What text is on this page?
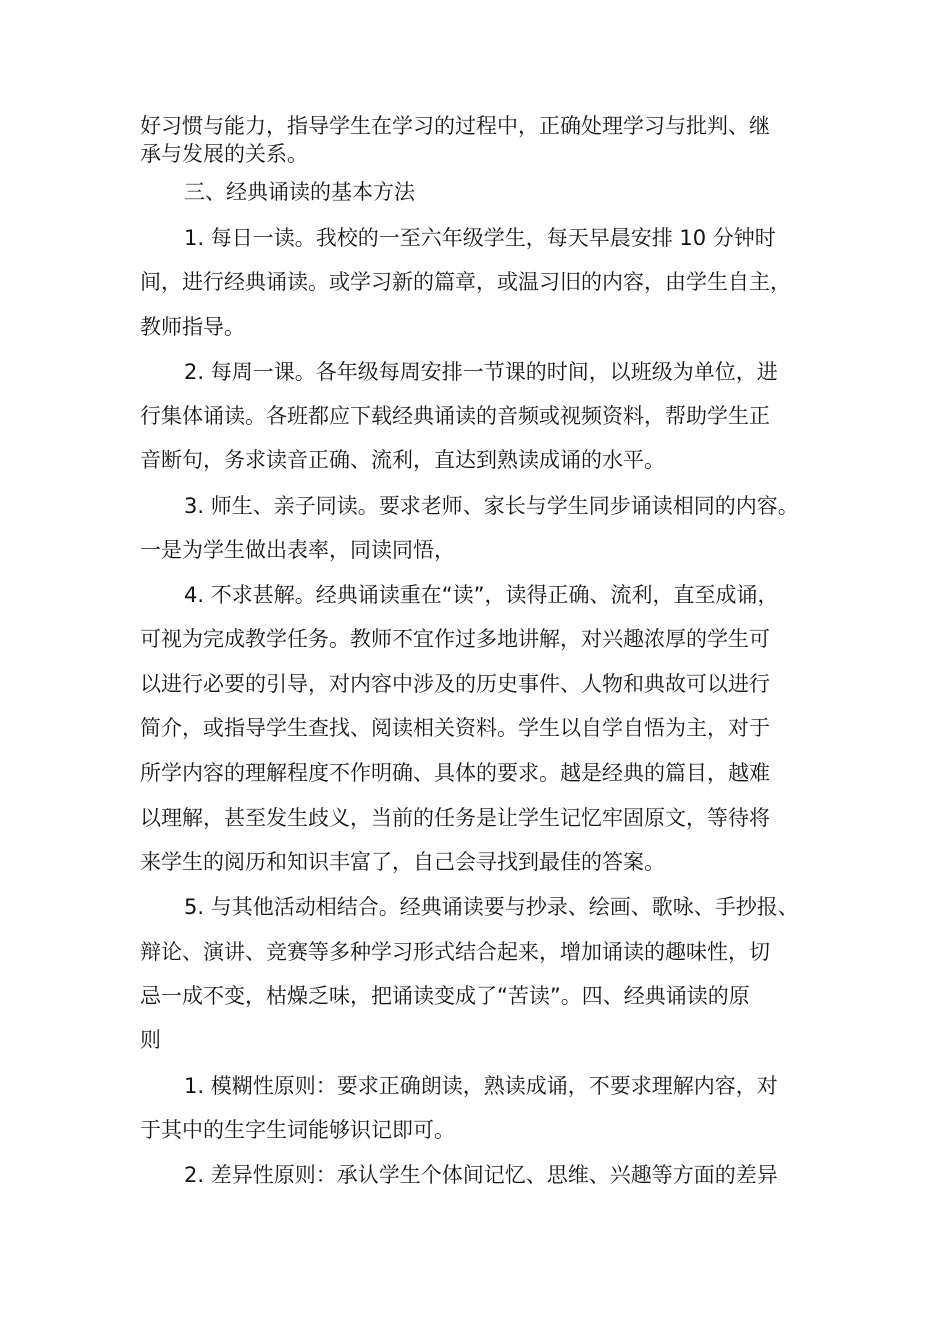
好习惯与能力，指导学生在学习的过程中，正确处理学习与批判、继
承与发展的关系。
三、经典诵读的基本方法
1. 每日一读。我校的一至六年级学生，每天早晨安排 10 分钟时
间，进行经典诵读。或学习新的篇章，或温习旧的内容，由学生自主，
教师指导。
2. 每周一课。各年级每周安排一节课的时间，以班级为单位，进
行集体诵读。各班都应下载经典诵读的音频或视频资料，帮助学生正
音断句，务求读音正确、流利，直达到熟读成诵的水平。
3. 师生、亲子同读。要求老师、家长与学生同步诵读相同的内容。
一是为学生做出表率，同读同悟，
4. 不求甚解。经典诵读重在“读”，读得正确、流利，直至成诵，
可视为完成教学任务。教师不宜作过多地讲解，对兴趣浓厚的学生可
以进行必要的引导，对内容中涉及的历史事件、人物和典故可以进行
简介，或指导学生查找、阅读相关资料。学生以自学自悟为主，对于
所学内容的理解程度不作明确、具体的要求。越是经典的篇目，越难
以理解，甚至发生歧义，当前的任务是让学生记忆牢固原文，等待将
来学生的阅历和知识丰富了，自己会寻找到最佳的答案。
5. 与其他活动相结合。经典诵读要与抄录、绘画、歌咏、手抄报、
辩论、演讲、竞赛等多种学习形式结合起来，增加诵读的趣味性，切
忌一成不变，枯燥乏味，把诵读变成了“苦读”。四、经典诵读的原
则
1. 模糊性原则：要求正确朗读，熟读成诵，不要求理解内容，对
于其中的生字生词能够识记即可。
2. 差异性原则：承认学生个体间记忆、思维、兴趣等方面的差异
